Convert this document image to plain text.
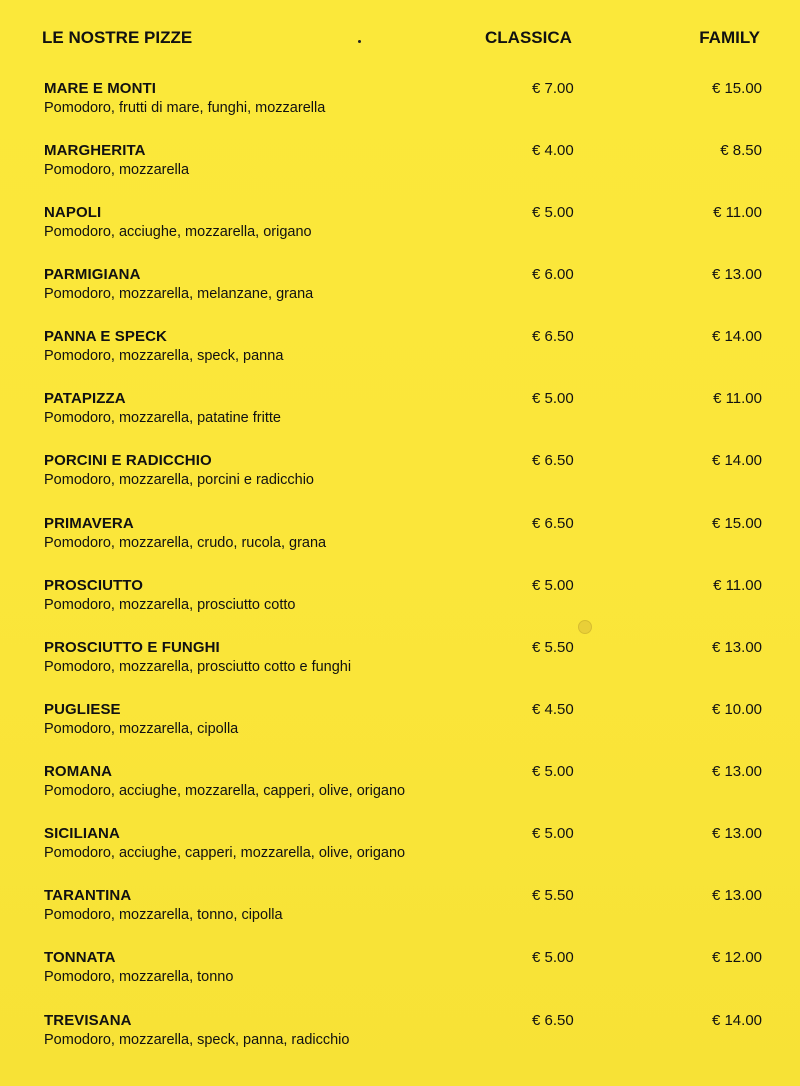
LE NOSTRE PIZZE	CLASSICA	FAMILY
MARE E MONTI
Pomodoro, frutti di mare, funghi, mozzarella
€ 7.00	€ 15.00
MARGHERITA
Pomodoro, mozzarella
€ 4.00	€ 8.50
NAPOLI
Pomodoro, acciughe, mozzarella, origano
€ 5.00	€ 11.00
PARMIGIANA
Pomodoro, mozzarella, melanzane, grana
€ 6.00	€ 13.00
PANNA E SPECK
Pomodoro, mozzarella, speck, panna
€ 6.50	€ 14.00
PATAPIZZA
Pomodoro, mozzarella, patatine fritte
€ 5.00	€ 11.00
PORCINI E RADICCHIO
Pomodoro, mozzarella, porcini e radicchio
€ 6.50	€ 14.00
PRIMAVERA
Pomodoro, mozzarella, crudo, rucola, grana
€ 6.50	€ 15.00
PROSCIUTTO
Pomodoro, mozzarella, prosciutto cotto
€ 5.00	€ 11.00
PROSCIUTTO E FUNGHI
Pomodoro, mozzarella, prosciutto cotto e funghi
€ 5.50	€ 13.00
PUGLIESE
Pomodoro, mozzarella, cipolla
€ 4.50	€ 10.00
ROMANA
Pomodoro, acciughe, mozzarella, capperi, olive, origano
€ 5.00	€ 13.00
SICILIANA
Pomodoro, acciughe, capperi, mozzarella, olive, origano
€ 5.00	€ 13.00
TARANTINA
Pomodoro, mozzarella, tonno, cipolla
€ 5.50	€ 13.00
TONNATA
Pomodoro, mozzarella, tonno
€ 5.00	€ 12.00
TREVISANA
Pomodoro, mozzarella, speck, panna, radicchio
€ 6.50	€ 14.00
